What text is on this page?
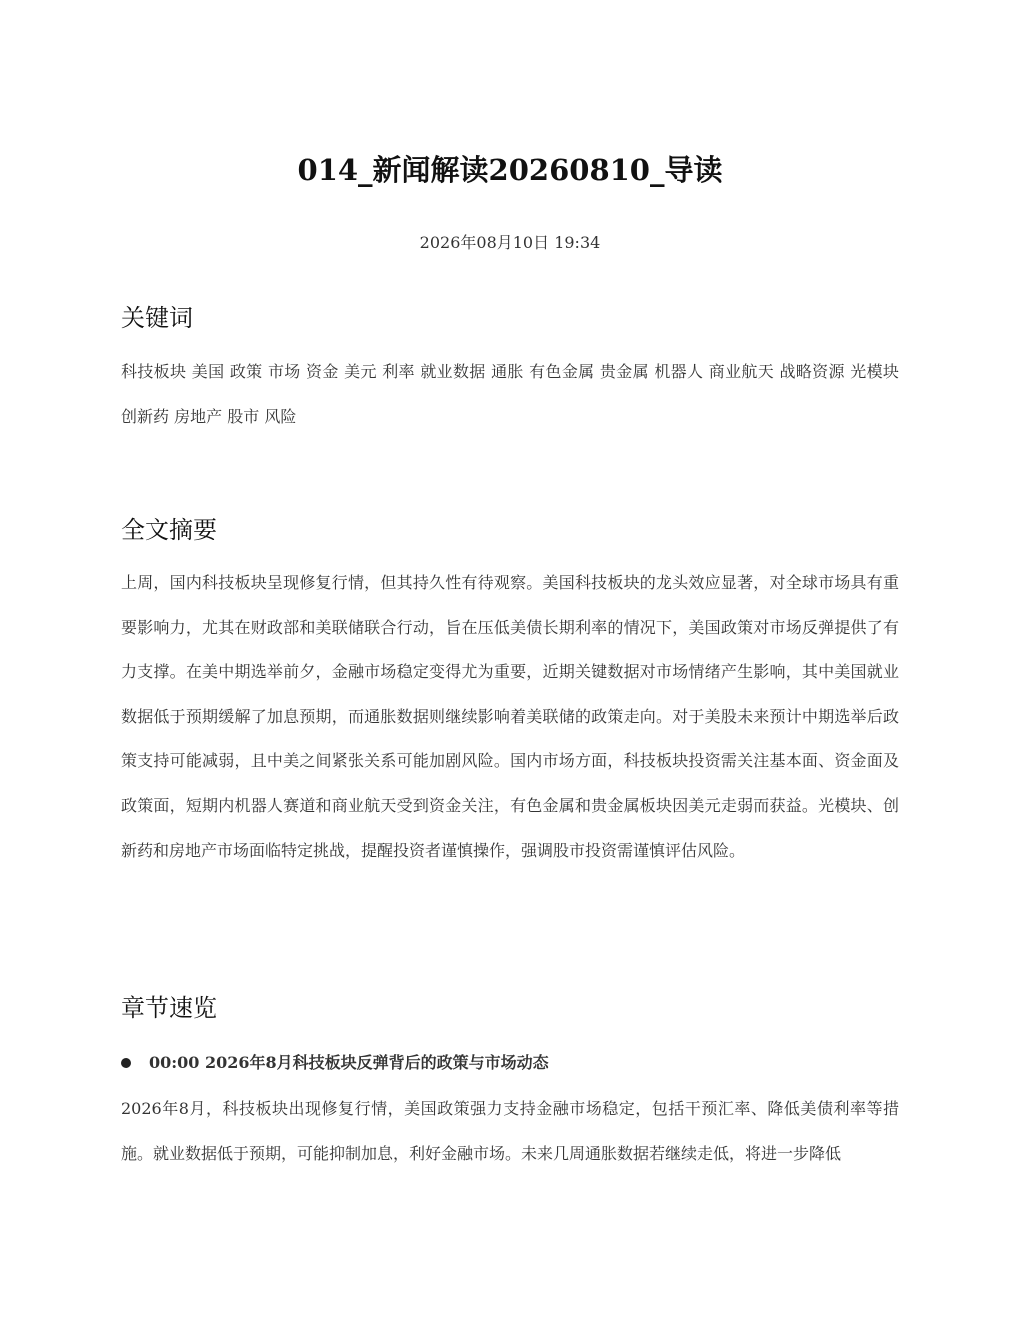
014_新闻解读20260810_导读
2026年08月10日 19:34
关键词
科技板块 美国 政策 市场 资金 美元 利率 就业数据 通胀 有色金属 贵金属 机器人 商业航天 战略资源 光模块
创新药 房地产 股市 风险
全文摘要

上周，国内科技板块呈现修复行情，但其持久性有待观察。美国科技板块的龙头效应显著，对全球市场具有重要影响力，尤其在财政部和美联储联合行动，旨在压低美债长期利率的情况下，美国政策对市场反弹提供了有力支撑。在美中期选举前夕，金融市场稳定变得尤为重要，近期关键数据对市场情绪产生影响，其中美国就业数据低于预期缓解了加息预期，而通胀数据则继续影响着美联储的政策走向。对于美股未来预计中期选举后政策支持可能减弱，且中美之间紧张关系可能加剧风险。国内市场方面，科技板块投资需关注基本面、资金面及政策面，短期内机器人赛道和商业航天受到资金关注，有色金属和贵金属板块因美元走弱而获益。光模块、创新药和房地产市场面临特定挑战，提醒投资者谨慎操作，强调股市投资需谨慎评估风险。

章节速览
00:00 2026年8月科技板块反弹背后的政策与市场动态

2026年8月，科技板块出现修复行情，美国政策强力支持金融市场稳定，包括干预汇率、降低美债利率等措施。就业数据低于预期，可能抑制加息，利好金融市场。未来几周通胀数据若继续走低，将进一步降低
